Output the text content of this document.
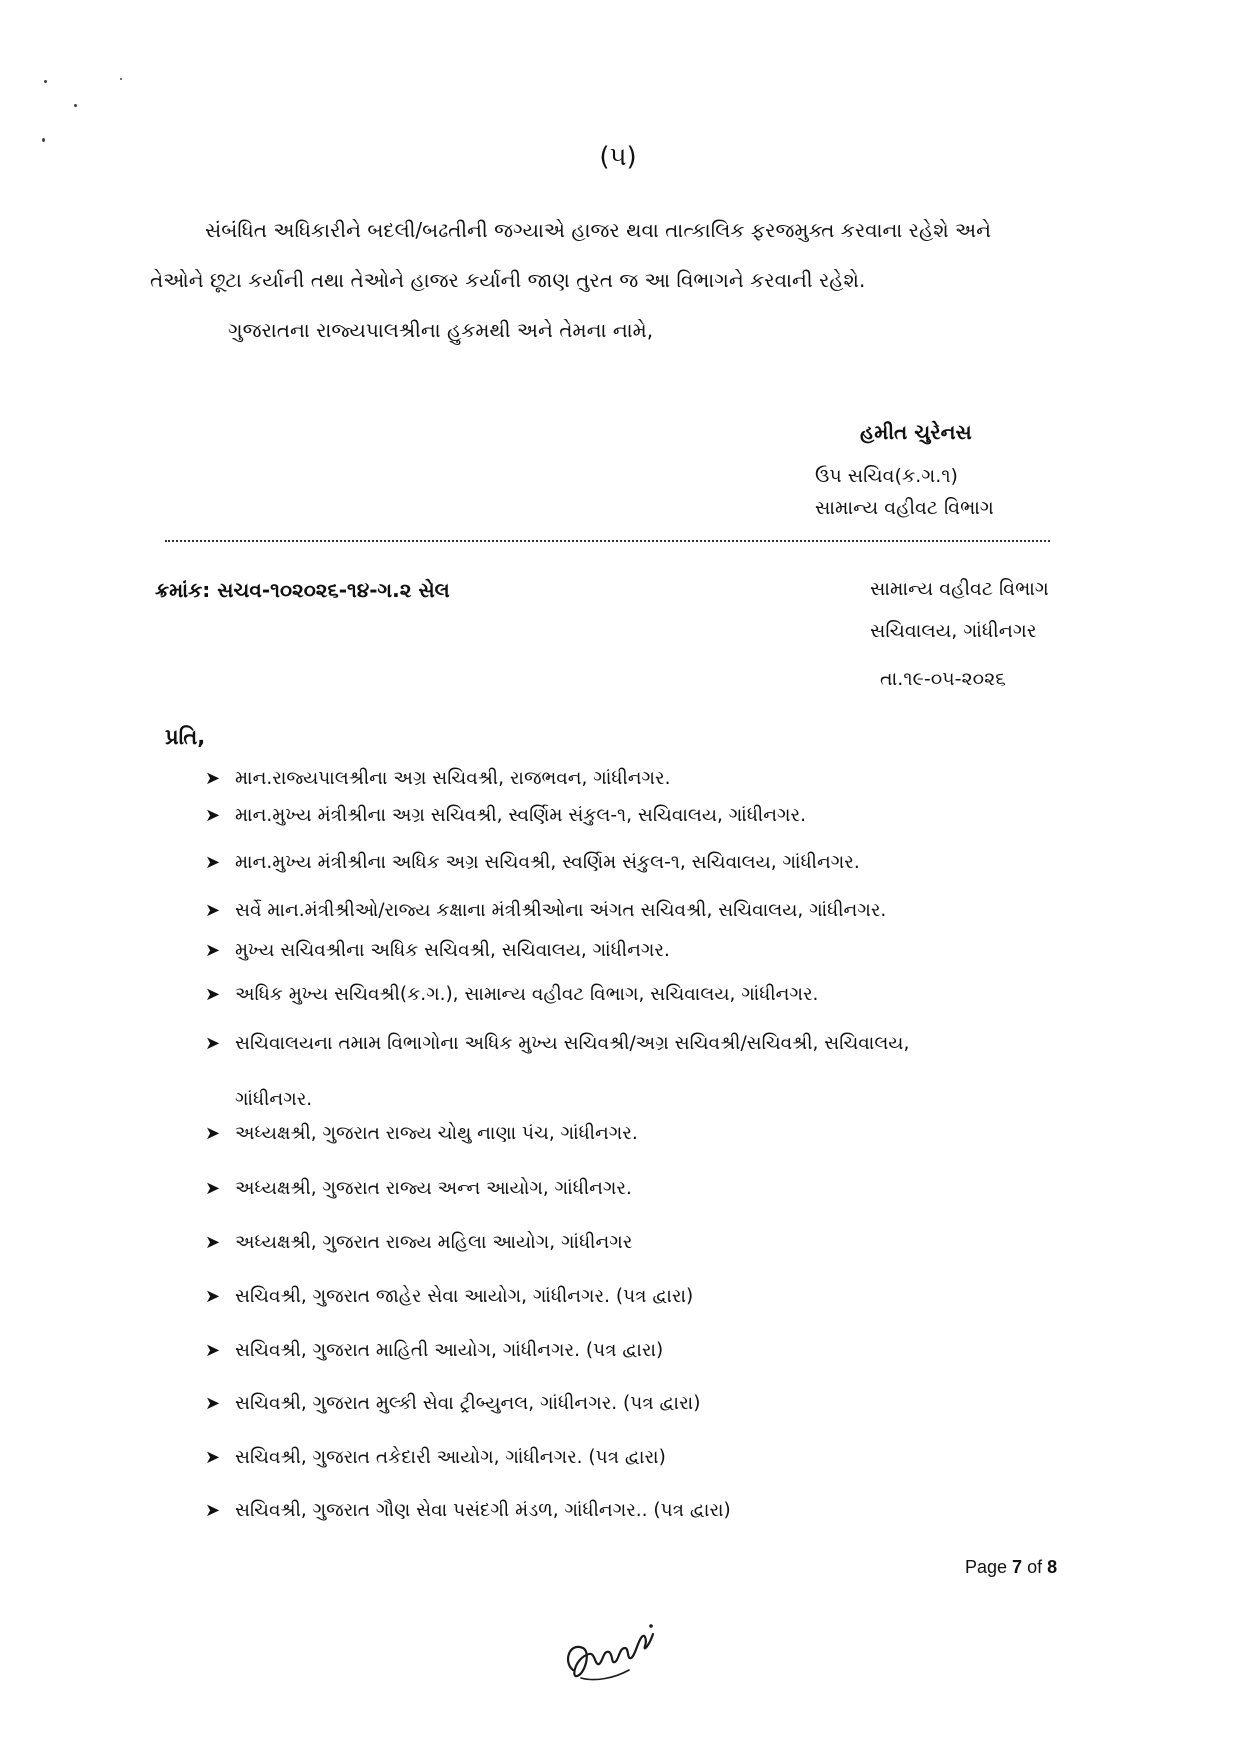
(૫)
સંબંધિત અધિકારીને બદલી/બઢતીની જગ્યાએ હાજર થવા તાત્કાલિક ફરજમુક્ત કરવાના રહેશે અને
તેઓને છૂટા કર્યાની તથા તેઓને હાજર કર્યાની જાણ તુરત જ આ વિભાગને કરવાની રહેશે.
ગુજરાતના રાજ્યપાલશ્રીના હુકમથી અને તેમના નામે,
હમીત ચુરેનસ
ઉપ સચિવ(ક.ગ.૧)
સામાન્ય વહીવટ વિભાગ
ક્રમાંક: સચવ-૧૦૨૦૨૬-૧૪-ગ.૨ સેલ	સામાન્ય વહીવટ વિભાગ
સચિવાલય, ગાંધીનગર
તા.૧૯-૦૫-૨૦૨૬
પ્રતિ,
➤ માન.રાજ્યપાલશ્રીના અગ્ર સચિવશ્રી, રાજભવન, ગાંધીનગર.
➤ માન.મુખ્ય મંત્રીશ્રીના અગ્ર સચિવશ્રી, સ્વર્ણિમ સંકુલ-૧, સચિવાલય, ગાંધીનગર.
➤ માન.મુખ્ય મંત્રીશ્રીના અધિક અગ્ર સચિવશ્રી, સ્વર્ણિમ સંકુલ-૧, સચિવાલય, ગાંધીનગર.
➤ સર્વે માન.મંત્રીશ્રીઓ/રાજ્ય કક્ષાના મંત્રીશ્રીઓના અંગત સચિવશ્રી, સચિવાલય, ગાંધીનગર.
➤ મુખ્ય સચિવશ્રીના અધિક સચિવશ્રી, સચિવાલય, ગાંધીનગર.
➤ અધિક મુખ્ય સચિવશ્રી(ક.ગ.), સામાન્ય વહીવટ વિભાગ, સચિવાલય, ગાંધીનગર.
➤ સચિવાલયના તમામ વિભાગોના અધિક મુખ્ય સચિવશ્રી/અગ્ર સચિવશ્રી/સચિવશ્રી, સચિવાલય,
ગાંધીનગર.
➤ અધ્યક્ષશ્રી, ગુજરાત રાજ્ય ચોથુ નાણા પંચ, ગાંધીનગર.
➤ અધ્યક્ષશ્રી, ગુજરાત રાજ્ય અન્ન આયોગ, ગાંધીનગર.
➤ અધ્યક્ષશ્રી, ગુજરાત રાજ્ય મહિલા આયોગ, ગાંધીનગર
➤ સચિવશ્રી, ગુજરાત જાહેર સેવા આયોગ, ગાંધીનગર. (પત્ર દ્વારા)
➤ સચિવશ્રી, ગુજરાત માહિતી આયોગ, ગાંધીનગર. (પત્ર દ્વારા)
➤ સચિવશ્રી, ગુજરાત મુલ્કી સેવા ટ્રીબ્યુનલ, ગાંધીનગર. (પત્ર દ્વારા)
➤ સચિવશ્રી, ગુજરાત તકેદારી આયોગ, ગાંધીનગર. (પત્ર દ્વારા)
➤ સચિવશ્રી, ગુજરાત ગૌણ સેવા પસંદગી મંડળ, ગાંધીનગર.. (પત્ર દ્વારા)
Page 7 of 8
